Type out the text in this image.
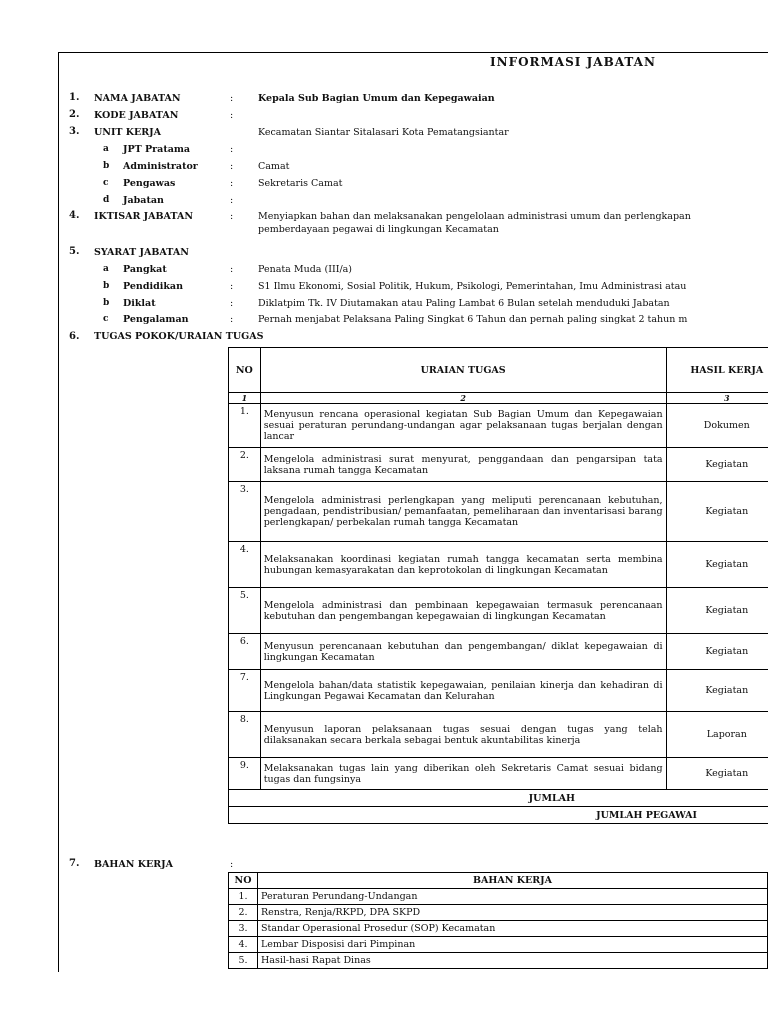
INFORMASI JABATAN
1. NAMA JABATAN	:	Kepala Sub Bagian Umum dan Kepegawaian
2. KODE JABATAN	:
3. UNIT KERJA	Kecamatan Siantar Sitalasari Kota Pematangsiantar
a JPT Pratama	:
b Administrator	:	Camat
c Pengawas	:	Sekretaris Camat
d Jabatan	:
4. IKTISAR JABATAN	:	Menyiapkan bahan dan melaksanakan pengelolaan administrasi umum dan perlengkapan
pemberdayaan pegawai di lingkungan Kecamatan
5. SYARAT JABATAN
a Pangkat	:	Penata Muda (III/a)
b Pendidikan	:	S1 Ilmu Ekonomi, Sosial Politik, Hukum, Psikologi, Pemerintahan, Imu Administrasi atau
b Diklat	:	Diklatpim Tk. IV Diutamakan atau Paling Lambat 6 Bulan setelah menduduki Jabatan
c Pengalaman	:	Pernah menjabat Pelaksana Paling Singkat 6 Tahun dan pernah paling singkat 2 tahun m
6. TUGAS POKOK/URAIAN TUGAS
NO	URAIAN TUGAS	HASIL KERJA
1	2	3
1.	Menyusun rencana operasional kegiatan Sub Bagian Umum dan Kepegawaian sesuai peraturan perundang-undangan agar pelaksanaan tugas berjalan dengan lancar	Dokumen
2.	Mengelola administrasi surat menyurat, penggandaan dan pengarsipan tata laksana rumah tangga Kecamatan	Kegiatan
3.	Mengelola administrasi perlengkapan yang meliputi perencanaan kebutuhan, pengadaan, pendistribusian/ pemanfaatan, pemeliharaan dan inventarisasi barang perlengkapan/ perbekalan rumah tangga Kecamatan	Kegiatan
4.	Melaksanakan koordinasi kegiatan rumah tangga kecamatan serta membina hubungan kemasyarakatan dan keprotokolan di lingkungan Kecamatan	Kegiatan
5.	Mengelola administrasi dan pembinaan kepegawaian termasuk perencanaan kebutuhan dan pengembangan kepegawaian di lingkungan Kecamatan	Kegiatan
6.	Menyusun perencanaan kebutuhan dan pengembangan/ diklat kepegawaian di lingkungan Kecamatan	Kegiatan
7.	Mengelola bahan/data statistik kepegawaian, penilaian kinerja dan kehadiran di Lingkungan Pegawai Kecamatan dan Kelurahan	Kegiatan
8.	Menyusun laporan pelaksanaan tugas sesuai dengan tugas yang telah dilaksanakan secara berkala sebagai bentuk akuntabilitas kinerja	Laporan
9.	Melaksanakan tugas lain yang diberikan oleh Sekretaris Camat sesuai bidang tugas dan fungsinya	Kegiatan
JUMLAH		
JUMLAH PEGAWAI		
7. BAHAN KERJA	:
NO	BAHAN KERJA
1.	Peraturan Perundang-Undangan
2.	Renstra, Renja/RKPD, DPA SKPD
3.	Standar Operasional Prosedur (SOP) Kecamatan
4.	Lembar Disposisi dari Pimpinan
5.	Hasil-hasi Rapat Dinas
